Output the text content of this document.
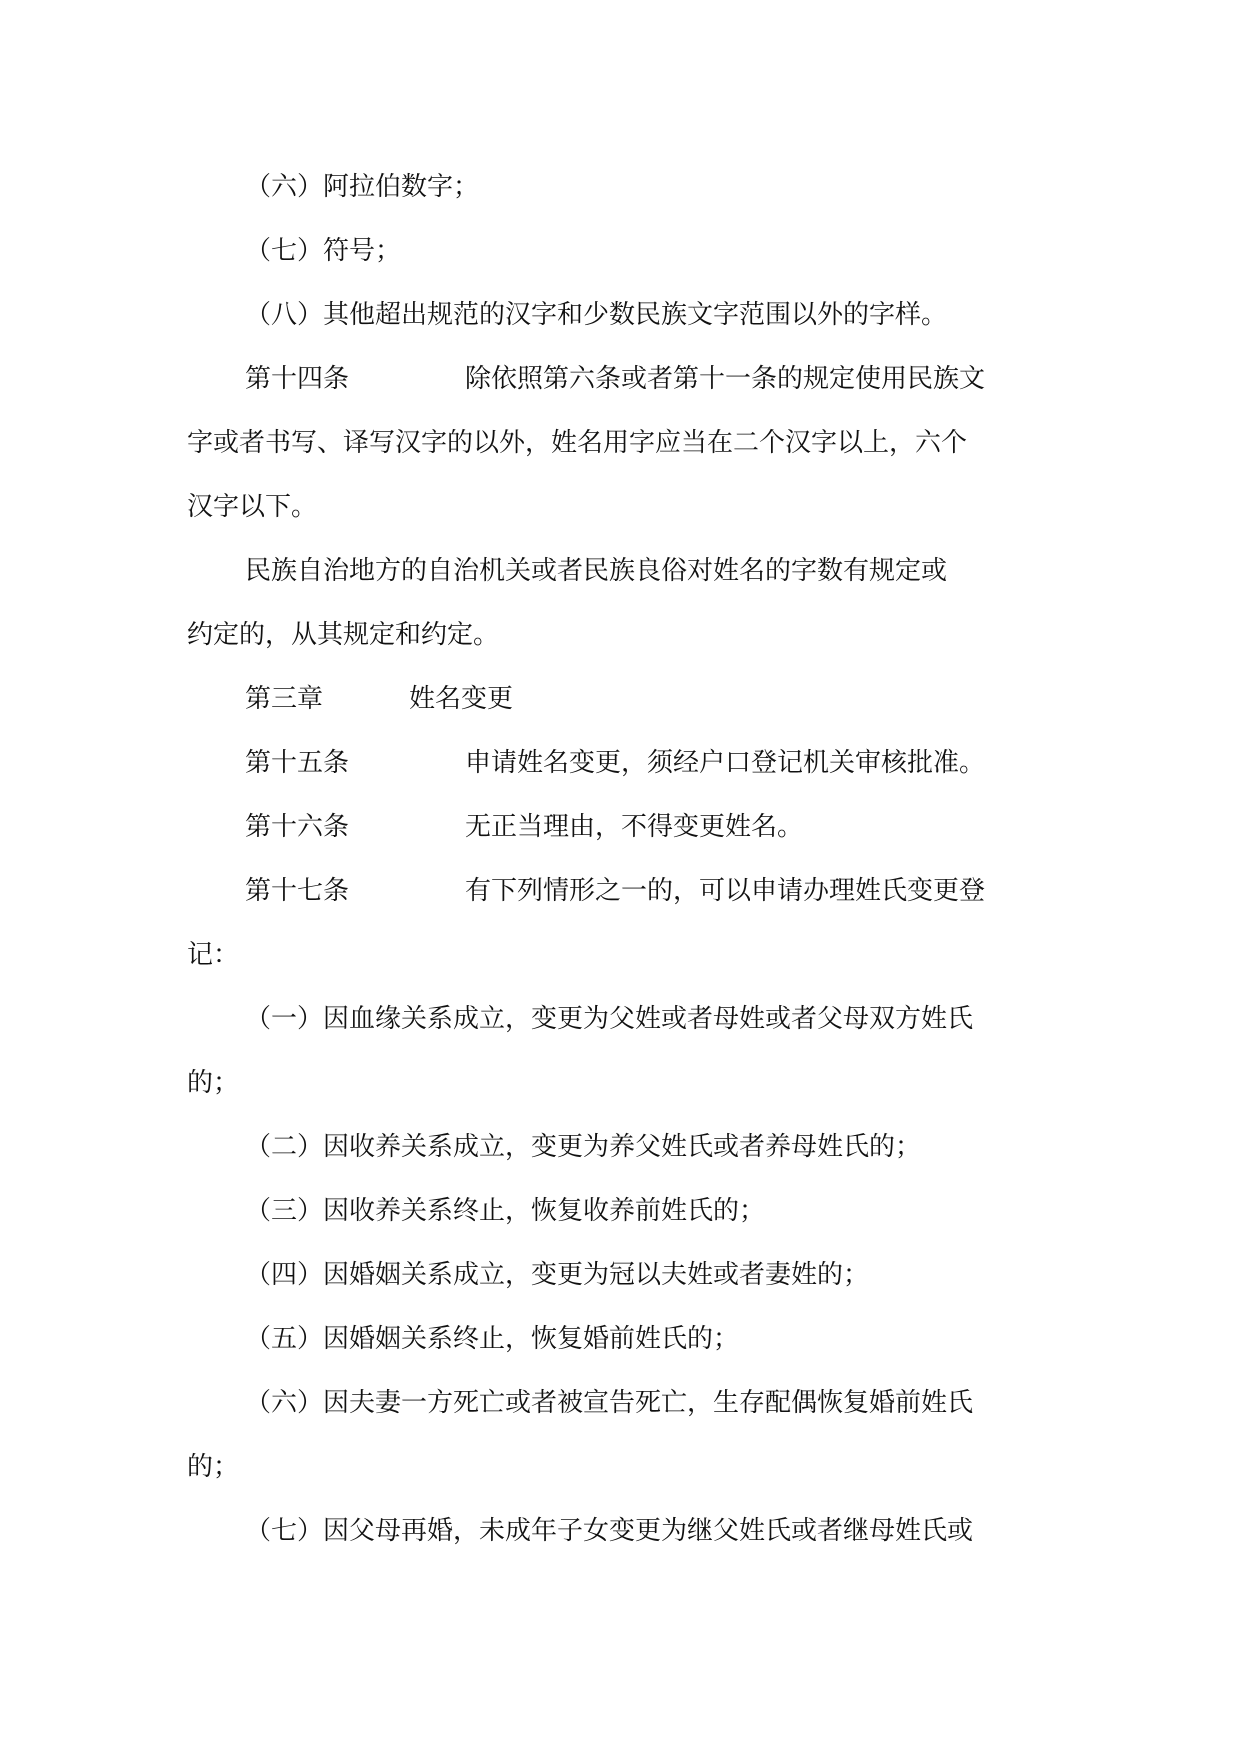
（六）阿拉伯数字；
（七）符号；
（八）其他超出规范的汉字和少数民族文字范围以外的字样。
第十四条	除依照第六条或者第十一条的规定使用民族文
字或者书写、译写汉字的以外，姓名用字应当在二个汉字以上，六个
汉字以下。
民族自治地方的自治机关或者民族良俗对姓名的字数有规定或
约定的，从其规定和约定。
第三章	姓名变更
第十五条	申请姓名变更，须经户口登记机关审核批准。
第十六条	无正当理由，不得变更姓名。
第十七条	有下列情形之一的，可以申请办理姓氏变更登
记：
（一）因血缘关系成立，变更为父姓或者母姓或者父母双方姓氏
的；
（二）因收养关系成立，变更为养父姓氏或者养母姓氏的；
（三）因收养关系终止，恢复收养前姓氏的；
（四）因婚姻关系成立，变更为冠以夫姓或者妻姓的；
（五）因婚姻关系终止，恢复婚前姓氏的；
（六）因夫妻一方死亡或者被宣告死亡，生存配偶恢复婚前姓氏
的；
（七）因父母再婚，未成年子女变更为继父姓氏或者继母姓氏或
